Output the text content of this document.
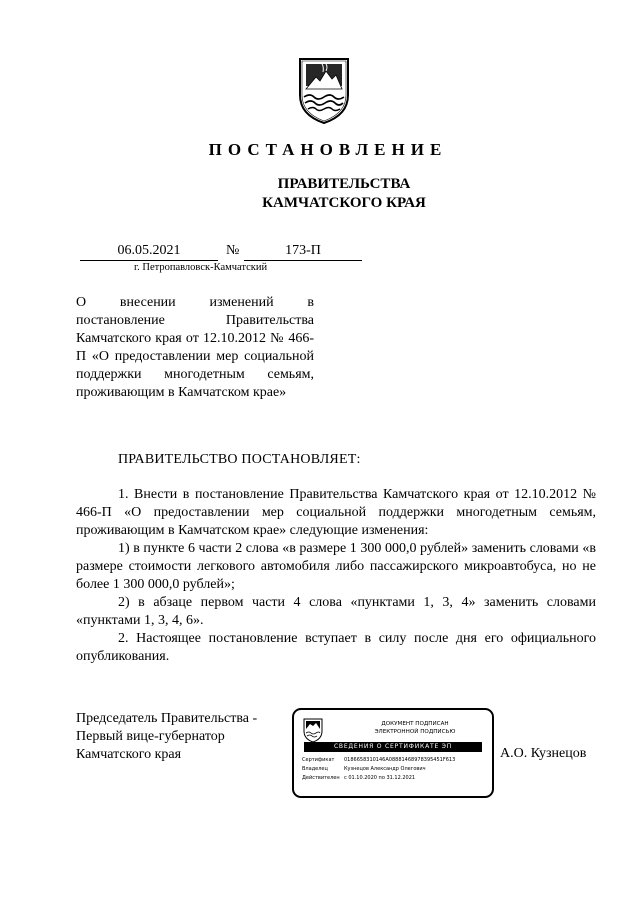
ПОСТАНОВЛЕНИЕ
ПРАВИТЕЛЬСТВА
КАМЧАТСКОГО КРАЯ
06.05.2021	№	173-П
г. Петропавловск-Камчатский
О внесении изменений в постановление Правительства Камчатского края от 12.10.2012 № 466-П «О предоставлении мер социальной поддержки многодетным семьям, проживающим в Камчатском крае»
ПРАВИТЕЛЬСТВО ПОСТАНОВЛЯЕТ:

1. Внести в постановление Правительства Камчатского края от 12.10.2012 № 466-П «О предоставлении мер социальной поддержки многодетным семьям, проживающим в Камчатском крае» следующие изменения:

1) в пункте 6 части 2 слова «в размере 1 300 000,0 рублей» заменить словами «в размере стоимости легкового автомобиля либо пассажирского микроавтобуса, но не более 1 300 000,0 рублей»;

2) в абзаце первом части 4 слова «пунктами 1, 3, 4» заменить словами «пунктами 1, 3, 4, 6».

2. Настоящее постановление вступает в силу после дня его официального опубликования.

Председатель Правительства -
Первый вице-губернатор
Камчатского края
ДОКУМЕНТ ПОДПИСАН
ЭЛЕКТРОННОЙ ПОДПИСЬЮ
СВЕДЕНИЯ О СЕРТИФИКАТЕ ЭП
Сертификат 0186658310146A08881468978395451F613
Владелец	Кузнецов Александр Олегович
Действителен с 01.10.2020 по 31.12.2021
А.О. Кузнецов
